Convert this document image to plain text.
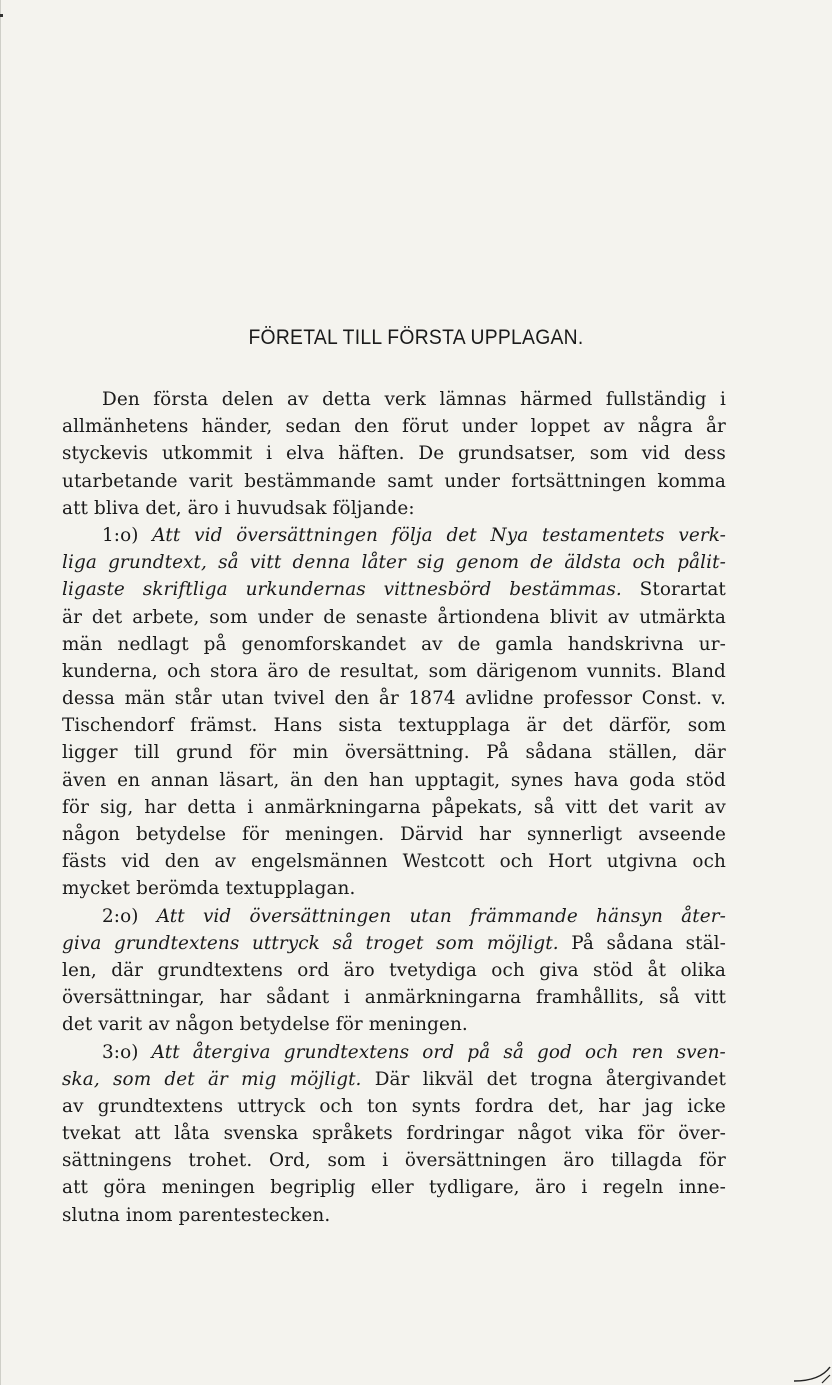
FÖRETAL TILL FÖRSTA UPPLAGAN.
Den första delen av detta verk lämnas härmed fullständig i
allmänhetens händer, sedan den förut under loppet av några år
styckevis utkommit i elva häften. De grundsatser, som vid dess
utarbetande varit bestämmande samt under fortsättningen komma
att bliva det, äro i huvudsak följande:
1:o) Att vid översättningen följa det Nya testamentets verk-
liga grundtext, så vitt denna låter sig genom de äldsta och pålit-
ligaste skriftliga urkundernas vittnesbörd bestämmas. Storartat
är det arbete, som under de senaste årtiondena blivit av utmärkta
män nedlagt på genomforskandet av de gamla handskrivna ur-
kunderna, och stora äro de resultat, som därigenom vunnits. Bland
dessa män står utan tvivel den år 1874 avlidne professor Const. v.
Tischendorf främst. Hans sista textupplaga är det därför, som
ligger till grund för min översättning. På sådana ställen, där
även en annan läsart, än den han upptagit, synes hava goda stöd
för sig, har detta i anmärkningarna påpekats, så vitt det varit av
någon betydelse för meningen. Därvid har synnerligt avseende
fästs vid den av engelsmännen Westcott och Hort utgivna och
mycket berömda textupplagan.
2:o) Att vid översättningen utan främmande hänsyn åter-
giva grundtextens uttryck så troget som möjligt. På sådana stäl-
len, där grundtextens ord äro tvetydiga och giva stöd åt olika
översättningar, har sådant i anmärkningarna framhållits, så vitt
det varit av någon betydelse för meningen.
3:o) Att återgiva grundtextens ord på så god och ren sven-
ska, som det är mig möjligt. Där likväl det trogna återgivandet
av grundtextens uttryck och ton synts fordra det, har jag icke
tvekat att låta svenska språkets fordringar något vika för över-
sättningens trohet. Ord, som i översättningen äro tillagda för
att göra meningen begriplig eller tydligare, äro i regeln inne-
slutna inom parentestecken.
